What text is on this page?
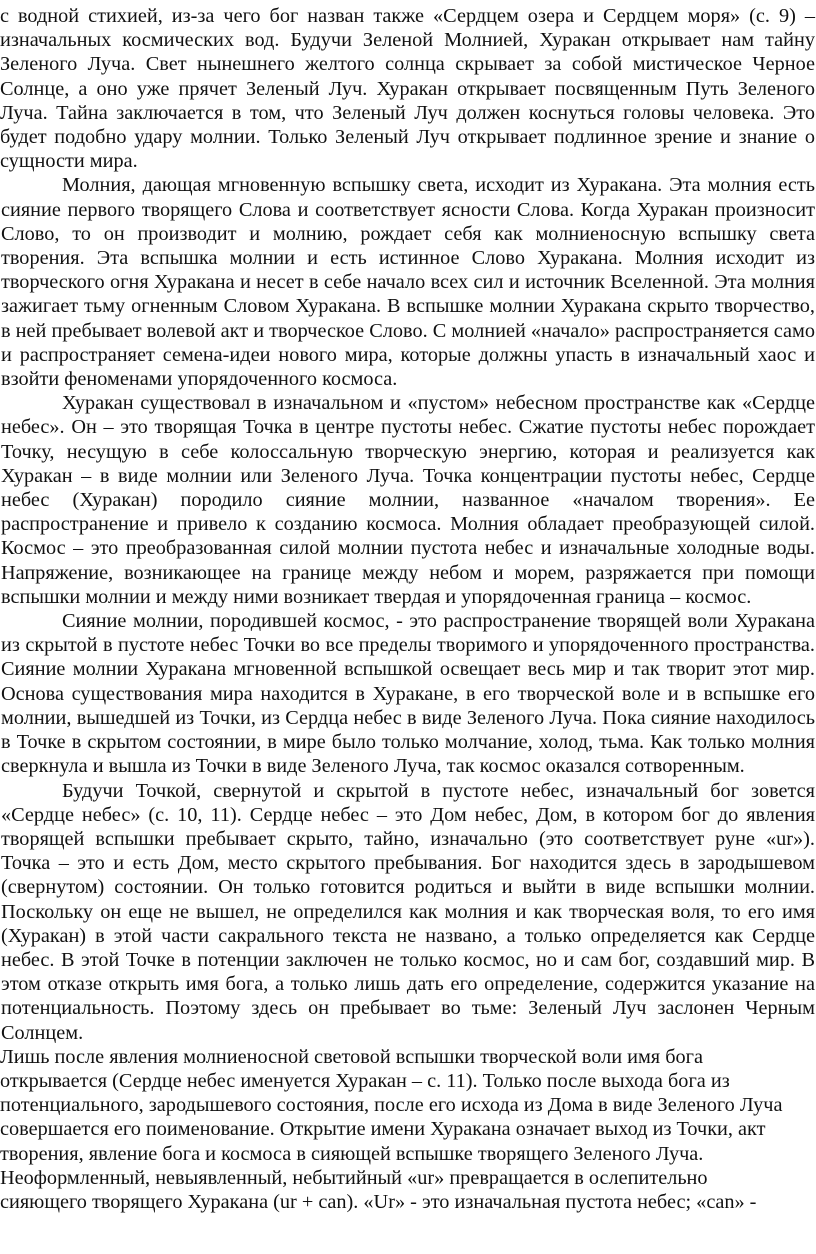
с водной стихией, из-за чего бог назван также «Сердцем озера и Сердцем моря» (с. 9) – изначальных космических вод. Будучи Зеленой Молнией, Хуракан открывает нам тайну Зеленого Луча. Свет нынешнего желтого солнца скрывает за собой мистическое Черное Солнце, а оно уже прячет Зеленый Луч. Хуракан открывает посвященным Путь Зеленого Луча. Тайна заключается в том, что Зеленый Луч должен коснуться головы человека. Это будет подобно удару молнии. Только Зеленый Луч открывает подлинное зрение и знание о сущности мира.

Молния, дающая мгновенную вспышку света, исходит из Хуракана. Эта молния есть сияние первого творящего Слова и соответствует ясности Слова. Когда Хуракан произносит Слово, то он производит и молнию, рождает себя как молниеносную вспышку света творения. Эта вспышка молнии и есть истинное Слово Хуракана. Молния исходит из творческого огня Хуракана и несет в себе начало всех сил и источник Вселенной. Эта молния зажигает тьму огненным Словом Хуракана. В вспышке молнии Хуракана скрыто творчество, в ней пребывает волевой акт и творческое Слово. С молнией «начало» распространяется само и распространяет семена-идеи нового мира, которые должны упасть в изначальный хаос и взойти феноменами упорядоченного космоса.

Хуракан существовал в изначальном и «пустом» небесном пространстве как «Сердце небес». Он – это творящая Точка в центре пустоты небес. Сжатие пустоты небес порождает Точку, несущую в себе колоссальную творческую энергию, которая и реализуется как Хуракан – в виде молнии или Зеленого Луча. Точка концентрации пустоты небес, Сердце небес (Хуракан) породило сияние молнии, названное «началом творения». Ее распространение и привело к созданию космоса. Молния обладает преобразующей силой. Космос – это преобразованная силой молнии пустота небес и изначальные холодные воды. Напряжение, возникающее на границе между небом и морем, разряжается при помощи вспышки молнии и между ними возникает твердая и упорядоченная граница – космос.

Сияние молнии, породившей космос, - это распространение творящей воли Хуракана из скрытой в пустоте небес Точки во все пределы творимого и упорядоченного пространства. Сияние молнии Хуракана мгновенной вспышкой освещает весь мир и так творит этот мир. Основа существования мира находится в Хуракане, в его творческой воле и в вспышке его молнии, вышедшей из Точки, из Сердца небес в виде Зеленого Луча. Пока сияние находилось в Точке в скрытом состоянии, в мире было только молчание, холод, тьма. Как только молния сверкнула и вышла из Точки в виде Зеленого Луча, так космос оказался сотворенным.

Будучи Точкой, свернутой и скрытой в пустоте небес, изначальный бог зовется «Сердце небес» (с. 10, 11). Сердце небес – это Дом небес, Дом, в котором бог до явления творящей вспышки пребывает скрыто, тайно, изначально (это соответствует руне «ur»). Точка – это и есть Дом, место скрытого пребывания. Бог находится здесь в зародышевом (свернутом) состоянии. Он только готовится родиться и выйти в виде вспышки молнии. Поскольку он еще не вышел, не определился как молния и как творческая воля, то его имя (Хуракан) в этой части сакрального текста не названо, а только определяется как Сердце небес. В этой Точке в потенции заключен не только космос, но и сам бог, создавший мир. В этом отказе открыть имя бога, а только лишь дать его определение, содержится указание на потенциальность. Поэтому здесь он пребывает во тьме: Зеленый Луч заслонен Черным Солнцем.

Лишь после явления молниеносной световой вспышки творческой воли имя бога
открывается (Сердце небес именуется Хуракан – с. 11). Только после выхода бога из
потенциального, зародышевого состояния, после его исхода из Дома в виде Зеленого Луча
совершается его поименование. Открытие имени Хуракана означает выход из Точки, акт
творения, явление бога и космоса в сияющей вспышке творящего Зеленого Луча.
Неоформленный, невыявленный, небытийный «ur» превращается в ослепительно
сияющего творящего Хуракана (ur + can). «Ur» - это изначальная пустота небес; «can» -
